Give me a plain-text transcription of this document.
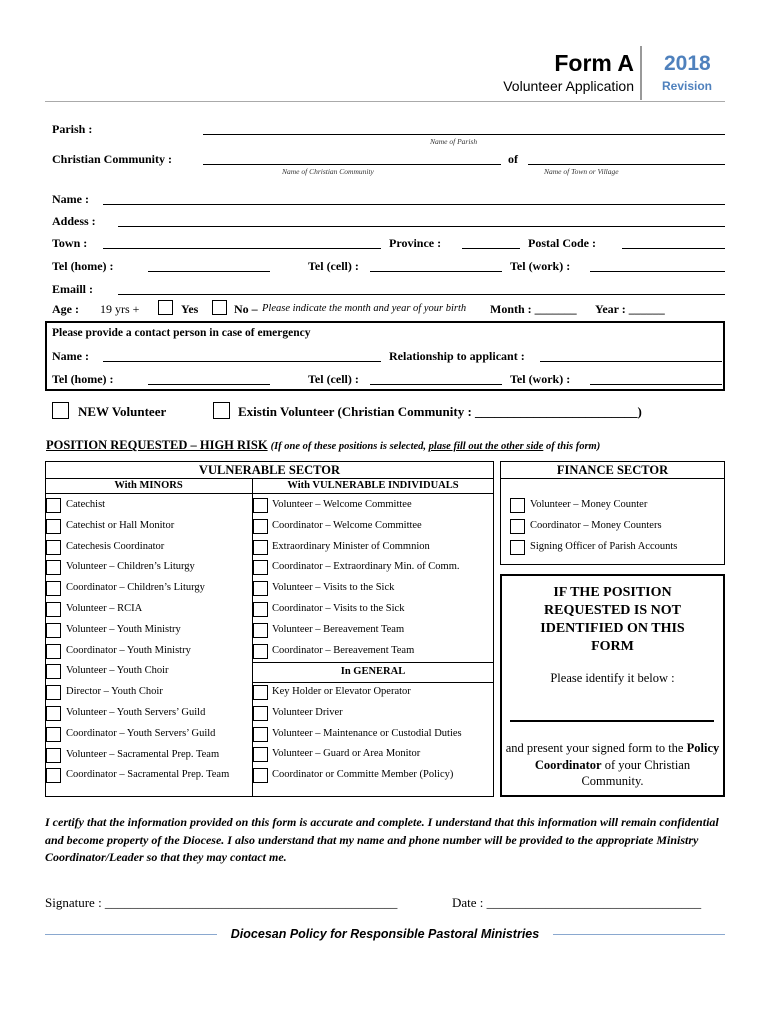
Form A
Volunteer Application
2018
Revision
Parish :
Name of Parish
Christian Community :
Name of Christian Community
of
Name of Town or Village
Name :
Addess :
Town :	Province :	Postal Code :
Tel (home) :	Tel (cell) :	Tel (work) :
Emaill :
Age : 19 yrs +	Yes	No – Please indicate the month and year of your birth Month : _______ Year : ______
Please provide a contact person in case of emergency
Name :	Relationship to applicant :
Tel (home) :	Tel (cell) :	Tel (work) :
NEW Volunteer	Existin Volunteer (Christian Community : _________________________)
POSITION REQUESTED – HIGH RISK (If one of these positions is selected, plase fill out the other side of this form)
VULNERABLE SECTOR
With MINORS	With VULNERABLE INDIVIDUALS
In GENERAL
Catechist
Catechist or Hall Monitor
Catechesis Coordinator
Volunteer – Children’s Liturgy
Coordinator – Children’s Liturgy
Volunteer – RCIA
Volunteer – Youth Ministry
Coordinator – Youth Ministry
Volunteer – Youth Choir
Director – Youth Choir
Volunteer – Youth Servers’ Guild
Coordinator – Youth Servers’ Guild
Volunteer – Sacramental Prep. Team
Coordinator – Sacramental Prep. Team
Volunteer – Welcome Committee
Coordinator – Welcome Committee
Extraordinary Minister of Commnion
Coordinator – Extraordinary Min. of Comm.
Volunteer – Visits to the Sick
Coordinator – Visits to the Sick
Volunteer – Bereavement Team
Coordinator – Bereavement Team
Key Holder or Elevator Operator
Volunteer Driver
Volunteer – Maintenance or Custodial Duties
Volunteer – Guard or Area Monitor
Coordinator or Committe Member (Policy)
FINANCE SECTOR
Volunteer – Money Counter
Coordinator – Money Counters
Signing Officer of Parish Accounts
IF THE POSITION REQUESTED IS NOT IDENTIFIED ON THIS FORM
Please identify it below :
and present your signed form to the Policy Coordinator of your Christian Community.
I certify that the information provided on this form is accurate and complete. I understand that this information will remain confidential and become property of the Diocese. I also understand that my name and phone number will be provided to the appropriate Ministry Coordinator/Leader so that they may contact me.
Signature : _____________________________________________	Date : _________________________________
Diocesan Policy for Responsible Pastoral Ministries
